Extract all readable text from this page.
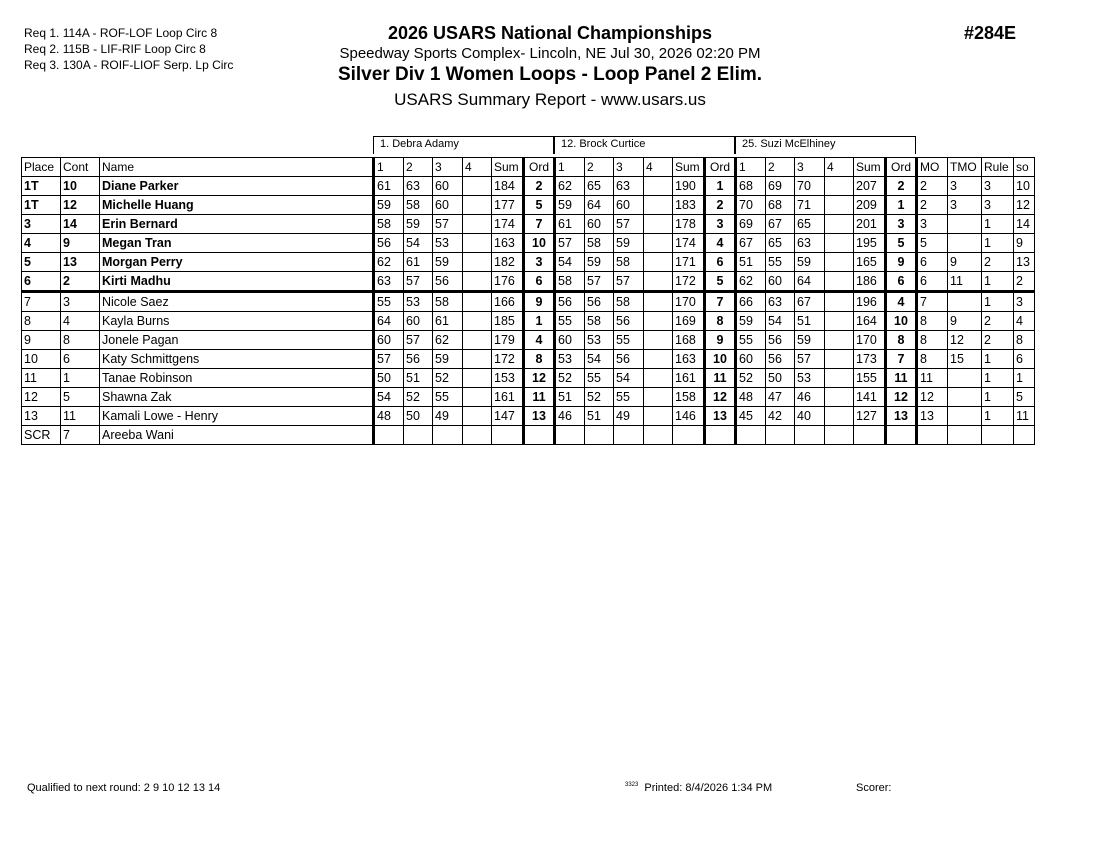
Req 1. 114A - ROF-LOF Loop Circ 8
Req 2. 115B - LIF-RIF Loop Circ 8
Req 3. 130A - ROIF-LIOF Serp. Lp Circ
2026 USARS National Championships
Speedway Sports Complex- Lincoln, NE Jul 30, 2026 02:20 PM
Silver Div 1 Women Loops - Loop Panel 2 Elim.
USARS Summary Report - www.usars.us
#284E
1. Debra Adamy	12. Brock Curtice	25. Suzi McElhiney
Place	Cont	Name	1	2	3	4	Sum	Ord	1	2	3	4	Sum	Ord	1	2	3	4	Sum	Ord	MO	TMO	Rule	so
1T	10	Diane Parker	61	63	60		184	2	62	65	63		190	1	68	69	70		207	2	2	3	3	10
1T	12	Michelle Huang	59	58	60		177	5	59	64	60		183	2	70	68	71		209	1	2	3	3	12
3	14	Erin Bernard	58	59	57		174	7	61	60	57		178	3	69	67	65		201	3	3		1	14
4	9	Megan Tran	56	54	53		163	10	57	58	59		174	4	67	65	63		195	5	5		1	9
5	13	Morgan Perry	62	61	59		182	3	54	59	58		171	6	51	55	59		165	9	6	9	2	13
6	2	Kirti Madhu	63	57	56		176	6	58	57	57		172	5	62	60	64		186	6	6	11	1	2
7	3	Nicole Saez	55	53	58		166	9	56	56	58		170	7	66	63	67		196	4	7		1	3
8	4	Kayla Burns	64	60	61		185	1	55	58	56		169	8	59	54	51		164	10	8	9	2	4
9	8	Jonele Pagan	60	57	62		179	4	60	53	55		168	9	55	56	59		170	8	8	12	2	8
10	6	Katy Schmittgens	57	56	59		172	8	53	54	56		163	10	60	56	57		173	7	8	15	1	6
11	1	Tanae Robinson	50	51	52		153	12	52	55	54		161	11	52	50	53		155	11	11		1	1
12	5	Shawna Zak	54	52	55		161	11	51	52	55		158	12	48	47	46		141	12	12		1	5
13	11	Kamali Lowe - Henry	48	50	49		147	13	46	51	49		146	13	45	42	40		127	13	13		1	11
SCR	7	Areeba Wani																						
Qualified to next round: 2 9 10 12 13 14	$^{3323}$ Printed: 8/4/2026 1:34 PM	Scorer:
